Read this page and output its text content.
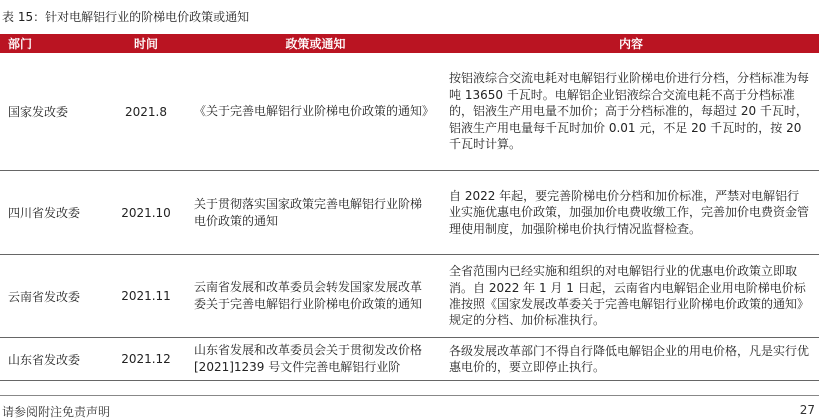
表 15：针对电解铝行业的阶梯电价政策或通知
部门	时间	政策或通知	内容
国家发改委	2021.8	《关于完善电解铝行业阶梯电价政策的通知》	按铝液综合交流电耗对电解铝行业阶梯电价进行分档，分档标准为每吨 13650 千瓦时。电解铝企业铝液综合交流电耗不高于分档标准的，铝液生产用电量不加价；高于分档标准的，每超过 20 千瓦时，铝液生产用电量每千瓦时加价 0.01 元，不足 20 千瓦时的，按 20 千瓦时计算。
四川省发改委	2021.10	关于贯彻落实国家政策完善电解铝行业阶梯电价政策的通知	自 2022 年起，要完善阶梯电价分档和加价标准，严禁对电解铝行业实施优惠电价政策，加强加价电费收缴工作，完善加价电费资金管理使用制度，加强阶梯电价执行情况监督检查。
云南省发改委	2021.11	云南省发展和改革委员会转发国家发展改革委关于完善电解铝行业阶梯电价政策的通知	全省范围内已经实施和组织的对电解铝行业的优惠电价政策立即取消。自 2022 年 1 月 1 日起，云南省内电解铝企业用电阶梯电价标准按照《国家发展改革委关于完善电解铝行业阶梯电价政策的通知》规定的分档、加价标准执行。
山东省发改委	2021.12	山东省发展和改革委员会关于贯彻发改价格[2021]1239 号文件完善电解铝行业阶	各级发展改革部门不得自行降低电解铝企业的用电价格，凡是实行优惠电价的，要立即停止执行。
请参阅附注免责声明	27
